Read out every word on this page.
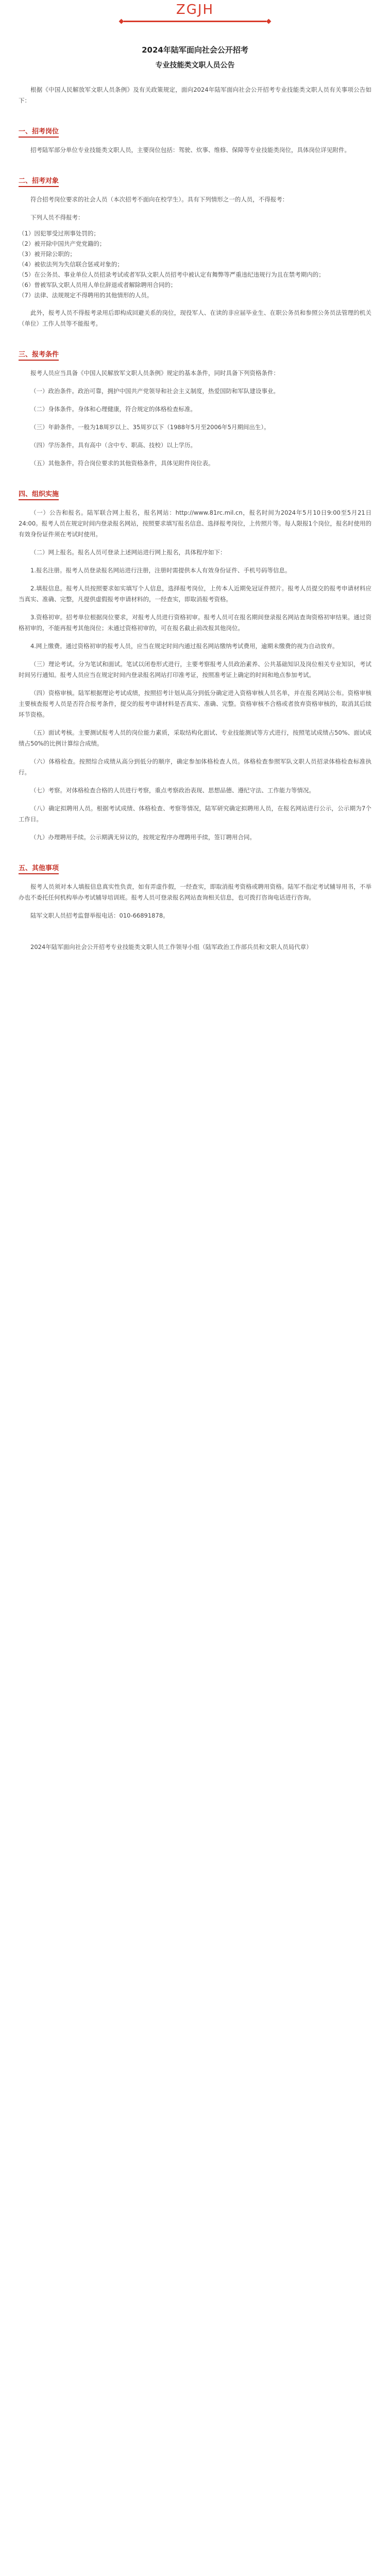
ZGJH
2024年陆军面向社会公开招考
专业技能类文职人员公告

根据《中国人民解放军文职人员条例》及有关政策规定，面向2024年陆军面向社会公开招考专业技能类文职人员有关事项公告如下：

一、招考岗位

招考陆军部分单位专业技能类文职人员，主要岗位包括：驾驶、炊事、维修、保障等专业技能类岗位，具体岗位详见附件。

二、招考对象

符合招考岗位要求的社会人员（本次招考不面向在校学生）。具有下列情形之一的人员，不得报考：

下列人员不得报考：

（1）因犯罪受过刑事处罚的；
（2）被开除中国共产党党籍的；
（3）被开除公职的；
（4）被依法列为失信联合惩戒对象的；
（5）在公务员、事业单位人员招录考试或者军队文职人员招考中被认定有舞弊等严重违纪违规行为且在禁考期内的；
（6）曾被军队文职人员用人单位辞退或者解除聘用合同的；
（7）法律、法规规定不得聘用的其他情形的人员。

此外，报考人员不得报考录用后即构成回避关系的岗位，现役军人、在读的非应届毕业生、在职公务员和参照公务员法管理的机关（单位）工作人员等不能报考。

三、报考条件

报考人员应当具备《中国人民解放军文职人员条例》规定的基本条件，同时具备下列资格条件：

（一）政治条件。政治可靠，拥护中国共产党领导和社会主义制度，热爱国防和军队建设事业。

（二）身体条件。身体和心理健康，符合规定的体格检查标准。

（三）年龄条件。一般为18周岁以上、35周岁以下（1988年5月至2006年5月期间出生）。

（四）学历条件。具有高中（含中专、职高、技校）以上学历。

（五）其他条件。符合岗位要求的其他资格条件，具体见附件岗位表。

四、组织实施

（一）公告和报名。陆军联合网上报名，报名网站：http://www.81rc.mil.cn，报名时间为2024年5月10日9:00至5月21日24:00。报考人员在规定时间内登录报名网站，按照要求填写报名信息、选择报考岗位，上传照片等。每人限报1个岗位，报名时使用的有效身份证件须在考试时使用。

（二）网上报名。报名人员可登录上述网站进行网上报名，具体程序如下：

1.报名注册。报考人员登录报名网站进行注册，注册时需提供本人有效身份证件、手机号码等信息。

2.填报信息。报考人员按照要求如实填写个人信息，选择报考岗位，上传本人近期免冠证件照片。报考人员提交的报考申请材料应当真实、准确、完整，凡提供虚假报考申请材料的，一经查实，即取消报考资格。

3.资格初审。招考单位根据岗位要求，对报考人员进行资格初审。报考人员可在报名期间登录报名网站查询资格初审结果。通过资格初审的，不能再报考其他岗位；未通过资格初审的，可在报名截止前改报其他岗位。

4.网上缴费。通过资格初审的报考人员，应当在规定时间内通过报名网站缴纳考试费用，逾期未缴费的视为自动放弃。

（三）理论考试。分为笔试和面试。笔试以闭卷形式进行，主要考察报考人员政治素养、公共基础知识及岗位相关专业知识，考试时间另行通知。报考人员应当在规定时间内登录报名网站打印准考证，按照准考证上确定的时间和地点参加考试。

（四）资格审核。陆军根据理论考试成绩，按照招考计划从高分到低分确定进入资格审核人员名单，并在报名网站公布。资格审核主要核查报考人员是否符合报考条件，提交的报考申请材料是否真实、准确、完整。资格审核不合格或者放弃资格审核的，取消其后续环节资格。

（五）面试考核。主要测试报考人员的岗位能力素质，采取结构化面试、专业技能测试等方式进行，按照笔试成绩占50%、面试成绩占50%的比例计算综合成绩。

（六）体格检查。按照综合成绩从高分到低分的顺序，确定参加体格检查人员。体格检查参照军队文职人员招录体格检查标准执行。

（七）考察。对体格检查合格的人员进行考察，重点考察政治表现、思想品德、遵纪守法、工作能力等情况。

（八）确定拟聘用人员。根据考试成绩、体格检查、考察等情况，陆军研究确定拟聘用人员，在报名网站进行公示，公示期为7个工作日。

（九）办理聘用手续。公示期满无异议的，按规定程序办理聘用手续，签订聘用合同。

五、其他事项

报考人员须对本人填报信息真实性负责，如有弄虚作假，一经查实，即取消报考资格或聘用资格。陆军不指定考试辅导用书，不举办也不委托任何机构举办考试辅导培训班。报考人员可登录报名网站查询相关信息，也可拨打咨询电话进行咨询。

陆军文职人员招考监督举报电话：010-66891878。

2024年陆军面向社会公开招考专业技能类文职人员工作领导小组（陆军政治工作部兵员和文职人员局代章）
